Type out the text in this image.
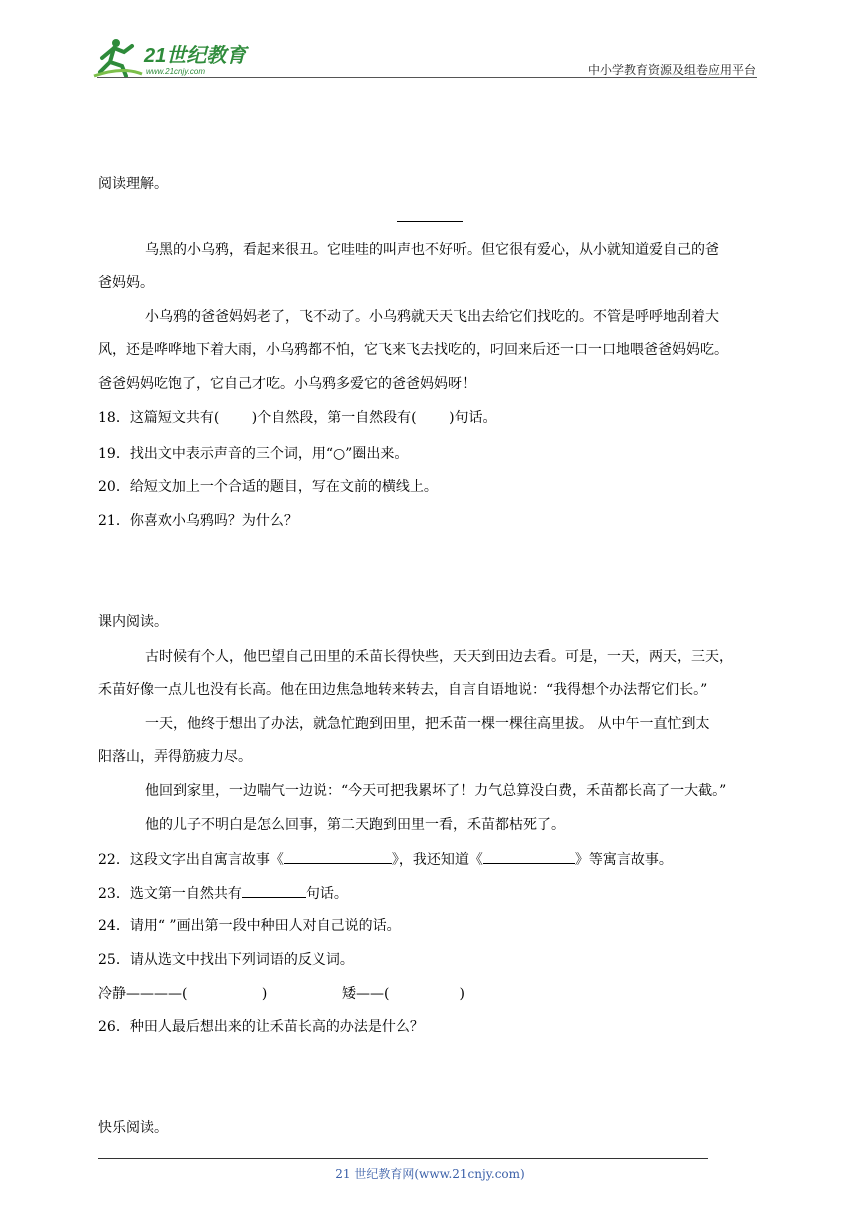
21世纪教育
www.21cnjy.com	中小学教育资源及组卷应用平台
阅读理解。
乌黑的小乌鸦，看起来很丑。它哇哇的叫声也不好听。但它很有爱心，从小就知道爱自己的爸
爸妈妈。
小乌鸦的爸爸妈妈老了，飞不动了。小乌鸦就天天飞出去给它们找吃的。不管是呼呼地刮着大
风，还是哗哗地下着大雨，小乌鸦都不怕，它飞来飞去找吃的，叼回来后还一口一口地喂爸爸妈妈吃。
爸爸妈妈吃饱了，它自己才吃。小乌鸦多爱它的爸爸妈妈呀！
18．这篇短文共有(　　 )个自然段，第一自然段有(　　 )句话。
19．找出文中表示声音的三个词，用“○”圈出来。
20．给短文加上一个合适的题目，写在文前的横线上。
21．你喜欢小乌鸦吗？为什么？
课内阅读。
古时候有个人，他巴望自己田里的禾苗长得快些，天天到田边去看。可是，一天，两天，三天，
禾苗好像一点儿也没有长高。他在田边焦急地转来转去，自言自语地说：“我得想个办法帮它们长。”
一天，他终于想出了办法，就急忙跑到田里，把禾苗一棵一棵往高里拔。 从中午一直忙到太
阳落山，弄得筋疲力尽。
他回到家里，一边喘气一边说：“今天可把我累坏了！力气总算没白费，禾苗都长高了一大截。”
他的儿子不明白是怎么回事，第二天跑到田里一看，禾苗都枯死了。
22．这段文字出自寓言故事《	》，我还知道《	》等寓言故事。
23．选文第一自然共有	句话。
24．请用“ ”画出第一段中种田人对自己说的话。
25．请从选文中找出下列词语的反义词。
冷静————(　　　　　 )	矮——(　　　　　)
26．种田人最后想出来的让禾苗长高的办法是什么？
快乐阅读。
21 世纪教育网(www.21cnjy.com)
